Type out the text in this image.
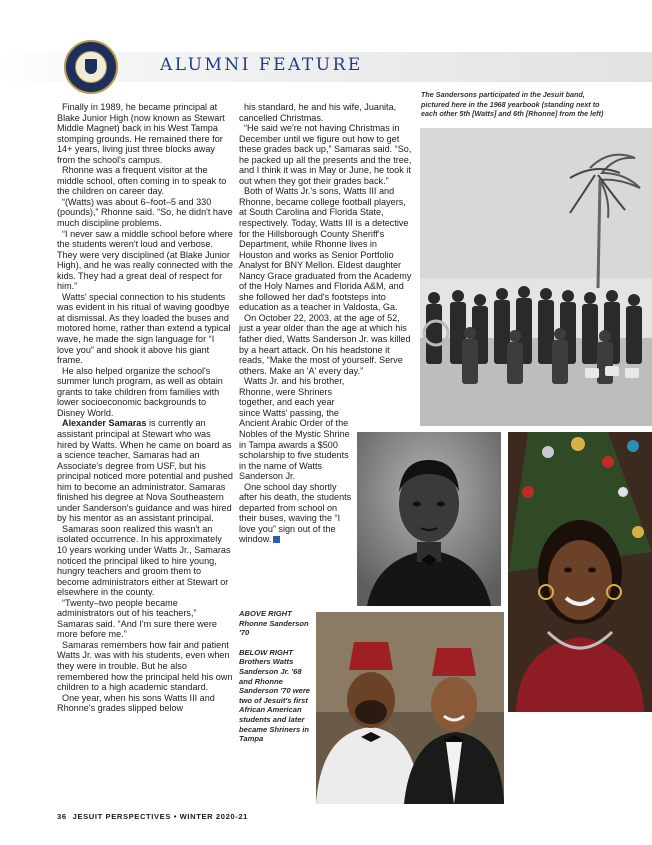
ALUMNI FEATURE
The Sandersons participated in the Jesuit band, pictured here in the 1968 yearbook (standing next to each other 5th [Watts] and 6th [Rhonne] from the left)

Finally in 1989, he became principal at Blake Junior High (now known as Stewart Middle Magnet) back in his West Tampa stomping grounds. He remained there for 14+ years, living just three blocks away from the school's campus.

Rhonne was a frequent visitor at the middle school, often coming in to speak to the children on career day.

“(Watts) was about 6–foot–5 and 330 (pounds),” Rhonne said. “So, he didn't have much discipline problems.

“I never saw a middle school before where the students weren't loud and verbose. They were very disciplined (at Blake Junior High), and he was really connected with the kids. They had a great deal of respect for him.”

Watts' special connection to his students was evident in his ritual of waving goodbye at dismissal. As they loaded the buses and motored home, rather than extend a typical wave, he made the sign language for “I love you” and shook it above his giant frame.

He also helped organize the school's summer lunch program, as well as obtain grants to take children from families with lower socioeconomic backgrounds to Disney World.

Alexander Samaras is currently an assistant principal at Stewart who was hired by Watts. When he came on board as a science teacher, Samaras had an Associate's degree from USF, but his principal noticed more potential and pushed him to become an administrator. Samaras finished his degree at Nova Southeastern under Sanderson's guidance and was hired by his mentor as an assistant principal.

Samaras soon realized this wasn't an isolated occurrence. In his approximately 10 years working under Watts Jr., Samaras noticed the principal liked to hire young, hungry teachers and groom them to become administrators either at Stewart or elsewhere in the county.

“Twenty–two people became administrators out of his teachers,” Samaras said. “And I'm sure there were more before me.”

Samaras remembers how fair and patient Watts Jr. was with his students, even when they were in trouble. But he also remembered how the principal held his own children to a high academic standard.

One year, when his sons Watts III and Rhonne's grades slipped below

his standard, he and his wife, Juanita, cancelled Christmas.

“He said we're not having Christmas in December until we figure out how to get these grades back up,” Samaras said. “So, he packed up all the presents and the tree, and I think it was in May or June, he took it out when they got their grades back.”

Both of Watts Jr.'s sons, Watts III and Rhonne, became college football players, at South Carolina and Florida State, respectively. Today, Watts III is a detective for the Hillsborough County Sheriff's Department, while Rhonne lives in Houston and works as Senior Portfolio Analyst for BNY Mellon. Eldest daughter Nancy Grace graduated from the Academy of the Holy Names and Florida A&M, and she followed her dad's footsteps into education as a teacher in Valdosta, Ga.

On October 22, 2003, at the age of 52, just a year older than the age at which his father died, Watts Sanderson Jr. was killed by a heart attack. On his headstone it reads, “Make the most of yourself. Serve others. Make an 'A' every day.”

Watts Jr. and his brother, Rhonne, were Shriners together, and each year since Watts' passing, the Ancient Arabic Order of the Nobles of the Mystic Shrine in Tampa awards a $500 scholarship to five students in the name of Watts Sanderson Jr.

One school day shortly after his death, the students departed from school on their buses, waving the “I love you” sign out of the window.

ABOVE RIGHT

Rhonne Sanderson '70

BELOW RIGHT

Brothers Watts Sanderson Jr. '68 and Rhonne Sanderson '70 were two of Jesuit's first African American students and later became Shriners in Tampa

36 JESUIT PERSPECTIVES • WINTER 2020-21
